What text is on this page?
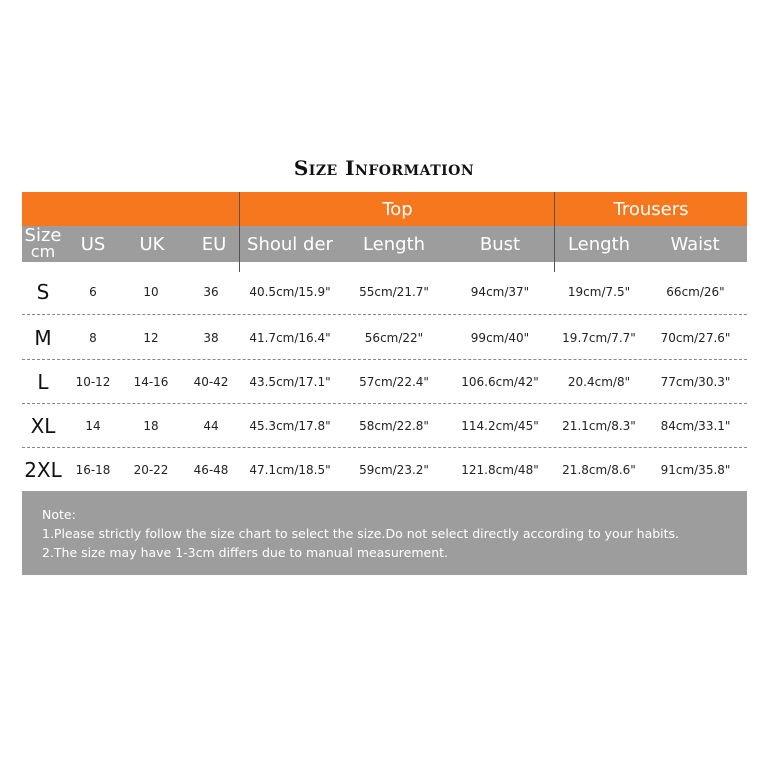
Size Information
Top	Trousers
Size
cm	US	UK	EU	Shoul der	Length	Bust	Length	Waist
S	6	10	36	40.5cm/15.9"	55cm/21.7"	94cm/37"	19cm/7.5"	66cm/26"
M	8	12	38	41.7cm/16.4"	56cm/22"	99cm/40"	19.7cm/7.7"	70cm/27.6"
L	10-12	14-16	40-42	43.5cm/17.1"	57cm/22.4"	106.6cm/42"	20.4cm/8"	77cm/30.3"
XL	14	18	44	45.3cm/17.8"	58cm/22.8"	114.2cm/45"	21.1cm/8.3"	84cm/33.1"
2XL	16-18	20-22	46-48	47.1cm/18.5"	59cm/23.2"	121.8cm/48"	21.8cm/8.6"	91cm/35.8"
Note:
1.Please strictly follow the size chart to select the size.Do not select directly according to your habits.
2.The size may have 1-3cm differs due to manual measurement.
